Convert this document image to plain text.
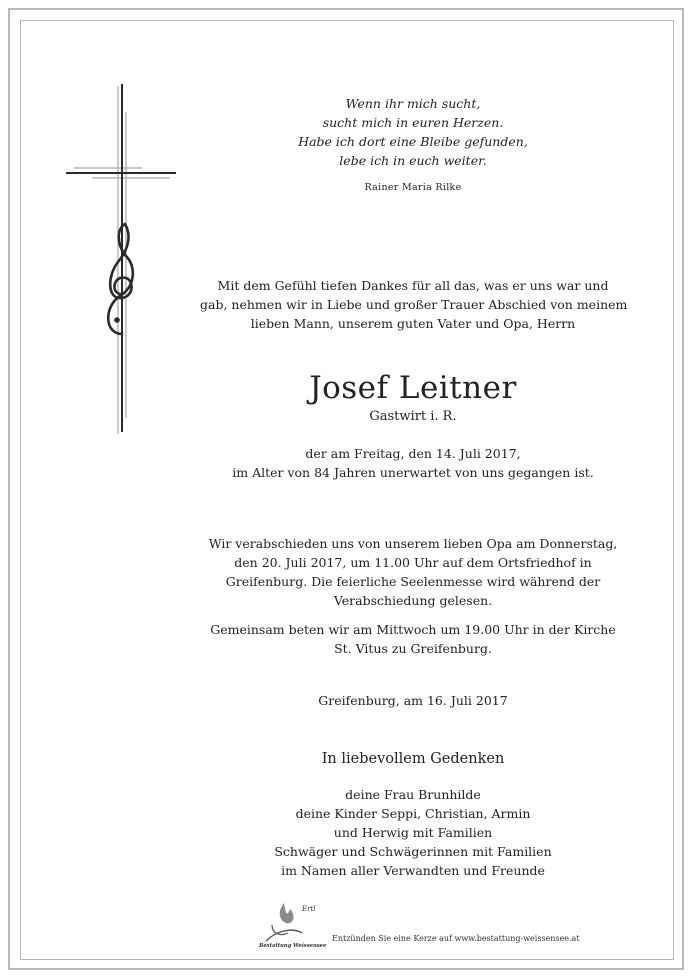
Wenn ihr mich sucht,
sucht mich in euren Herzen.
Habe ich dort eine Bleibe gefunden,
lebe ich in euch weiter.
Rainer Maria Rilke
Mit dem Gefühl tiefen Dankes für all das, was er uns war und
gab, nehmen wir in Liebe und großer Trauer Abschied von meinem
lieben Mann, unserem guten Vater und Opa, Herrn
Josef Leitner
Gastwirt i. R.
der am Freitag, den 14. Juli 2017,
im Alter von 84 Jahren unerwartet von uns gegangen ist.
Wir verabschieden uns von unserem lieben Opa am Donnerstag,
den 20. Juli 2017, um 11.00 Uhr auf dem Ortsfriedhof in
Greifenburg. Die feierliche Seelenmesse wird während der
Verabschiedung gelesen.
Gemeinsam beten wir am Mittwoch um 19.00 Uhr in der Kirche
St. Vitus zu Greifenburg.
Greifenburg, am 16. Juli 2017
In liebevollem Gedenken
deine Frau Brunhilde
deine Kinder Seppi, Christian, Armin
und Herwig mit Familien
Schwäger und Schwägerinnen mit Familien
im Namen aller Verwandten und Freunde
Ertl
Bestattung Weissensee
Entzünden Sie eine Kerze auf www.bestattung-weissensee.at
